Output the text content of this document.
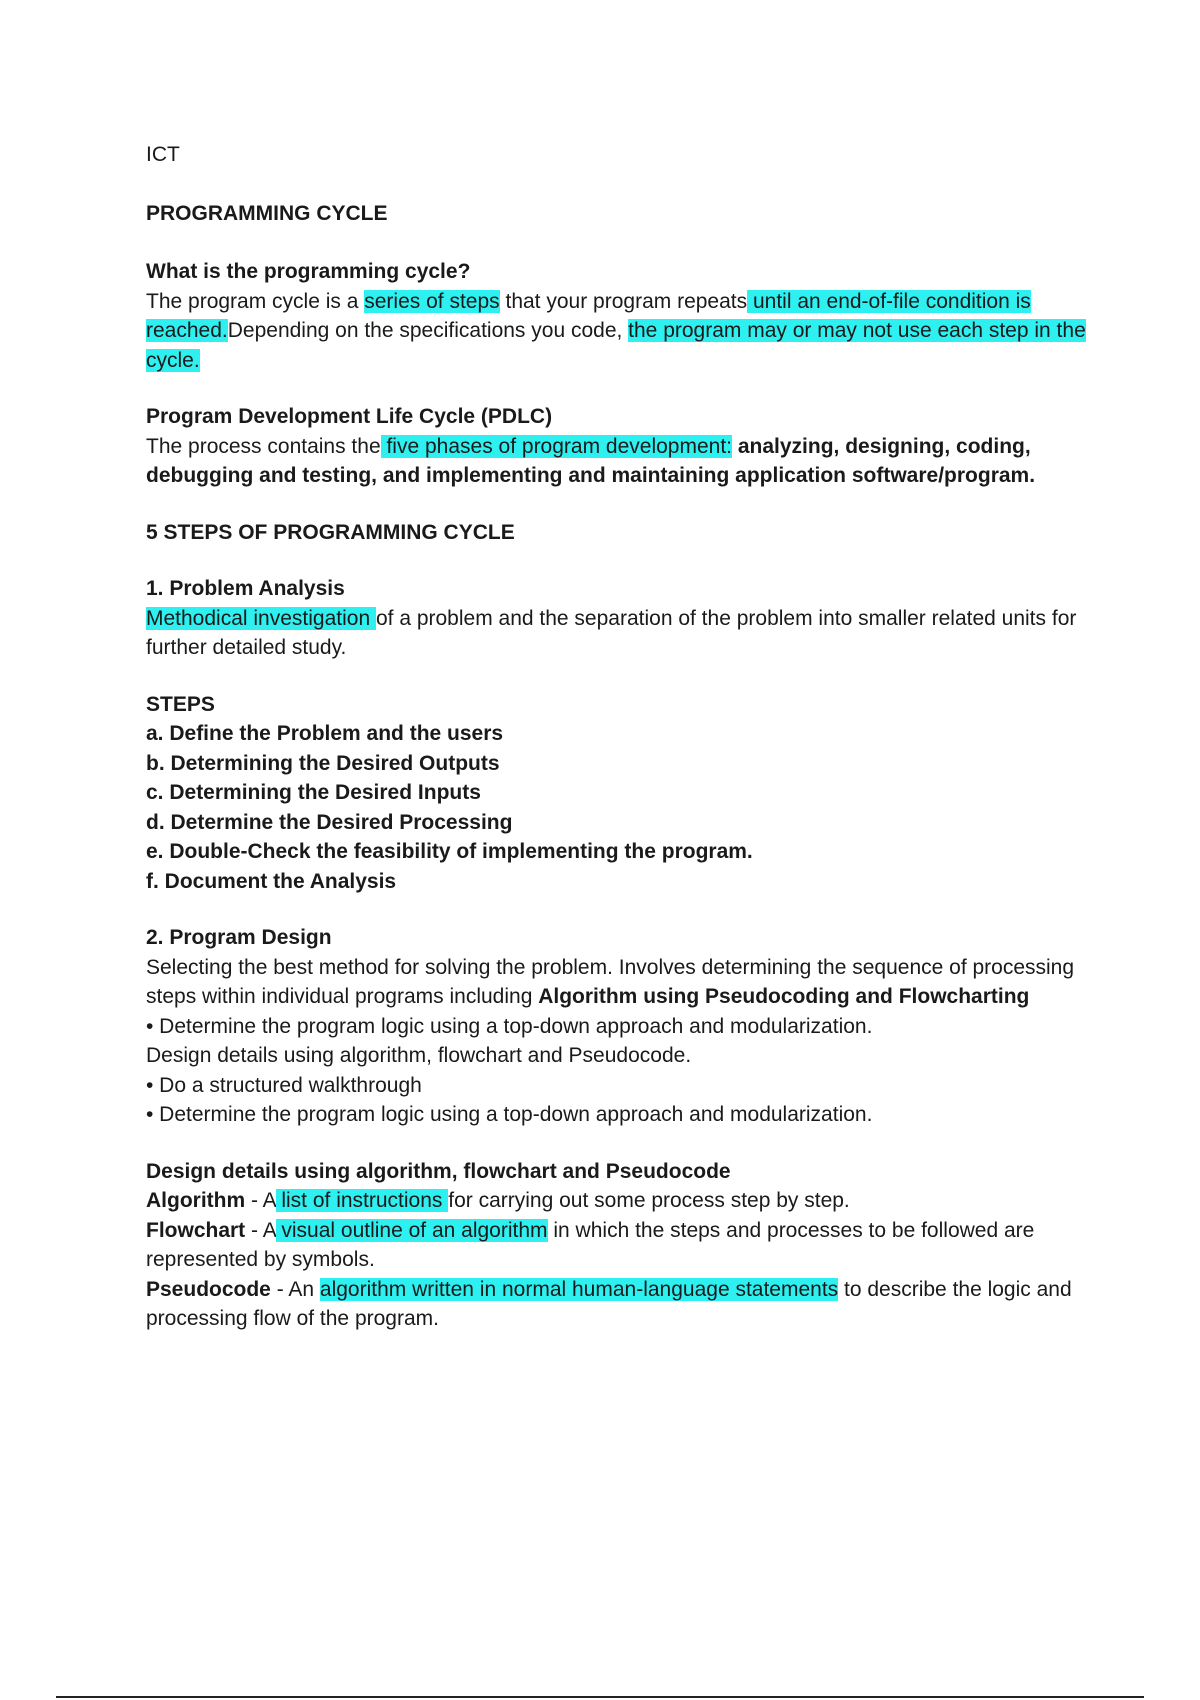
ICT

PROGRAMMING CYCLE

What is the programming cycle?

The program cycle is a series of steps that your program repeats until an end-of-file condition is reached.Depending on the specifications you code, the program may or may not use each step in the cycle.

Program Development Life Cycle (PDLC)

The process contains the five phases of program development: analyzing, designing, coding, debugging and testing, and implementing and maintaining application software/program.

5 STEPS OF PROGRAMMING CYCLE

1. Problem Analysis

Methodical investigation of a problem and the separation of the problem into smaller related units for further detailed study.

STEPS

a. Define the Problem and the users

b. Determining the Desired Outputs

c. Determining the Desired Inputs

d. Determine the Desired Processing

e. Double-Check the feasibility of implementing the program.

f. Document the Analysis

2. Program Design

Selecting the best method for solving the problem. Involves determining the sequence of processing steps within individual programs including Algorithm using Pseudocoding and Flowcharting

• Determine the program logic using a top-down approach and modularization.

Design details using algorithm, flowchart and Pseudocode.

• Do a structured walkthrough

• Determine the program logic using a top-down approach and modularization.

Design details using algorithm, flowchart and Pseudocode

Algorithm - A list of instructions for carrying out some process step by step.

Flowchart - A visual outline of an algorithm in which the steps and processes to be followed are represented by symbols.

Pseudocode - An algorithm written in normal human-language statements to describe the logic and processing flow of the program.
